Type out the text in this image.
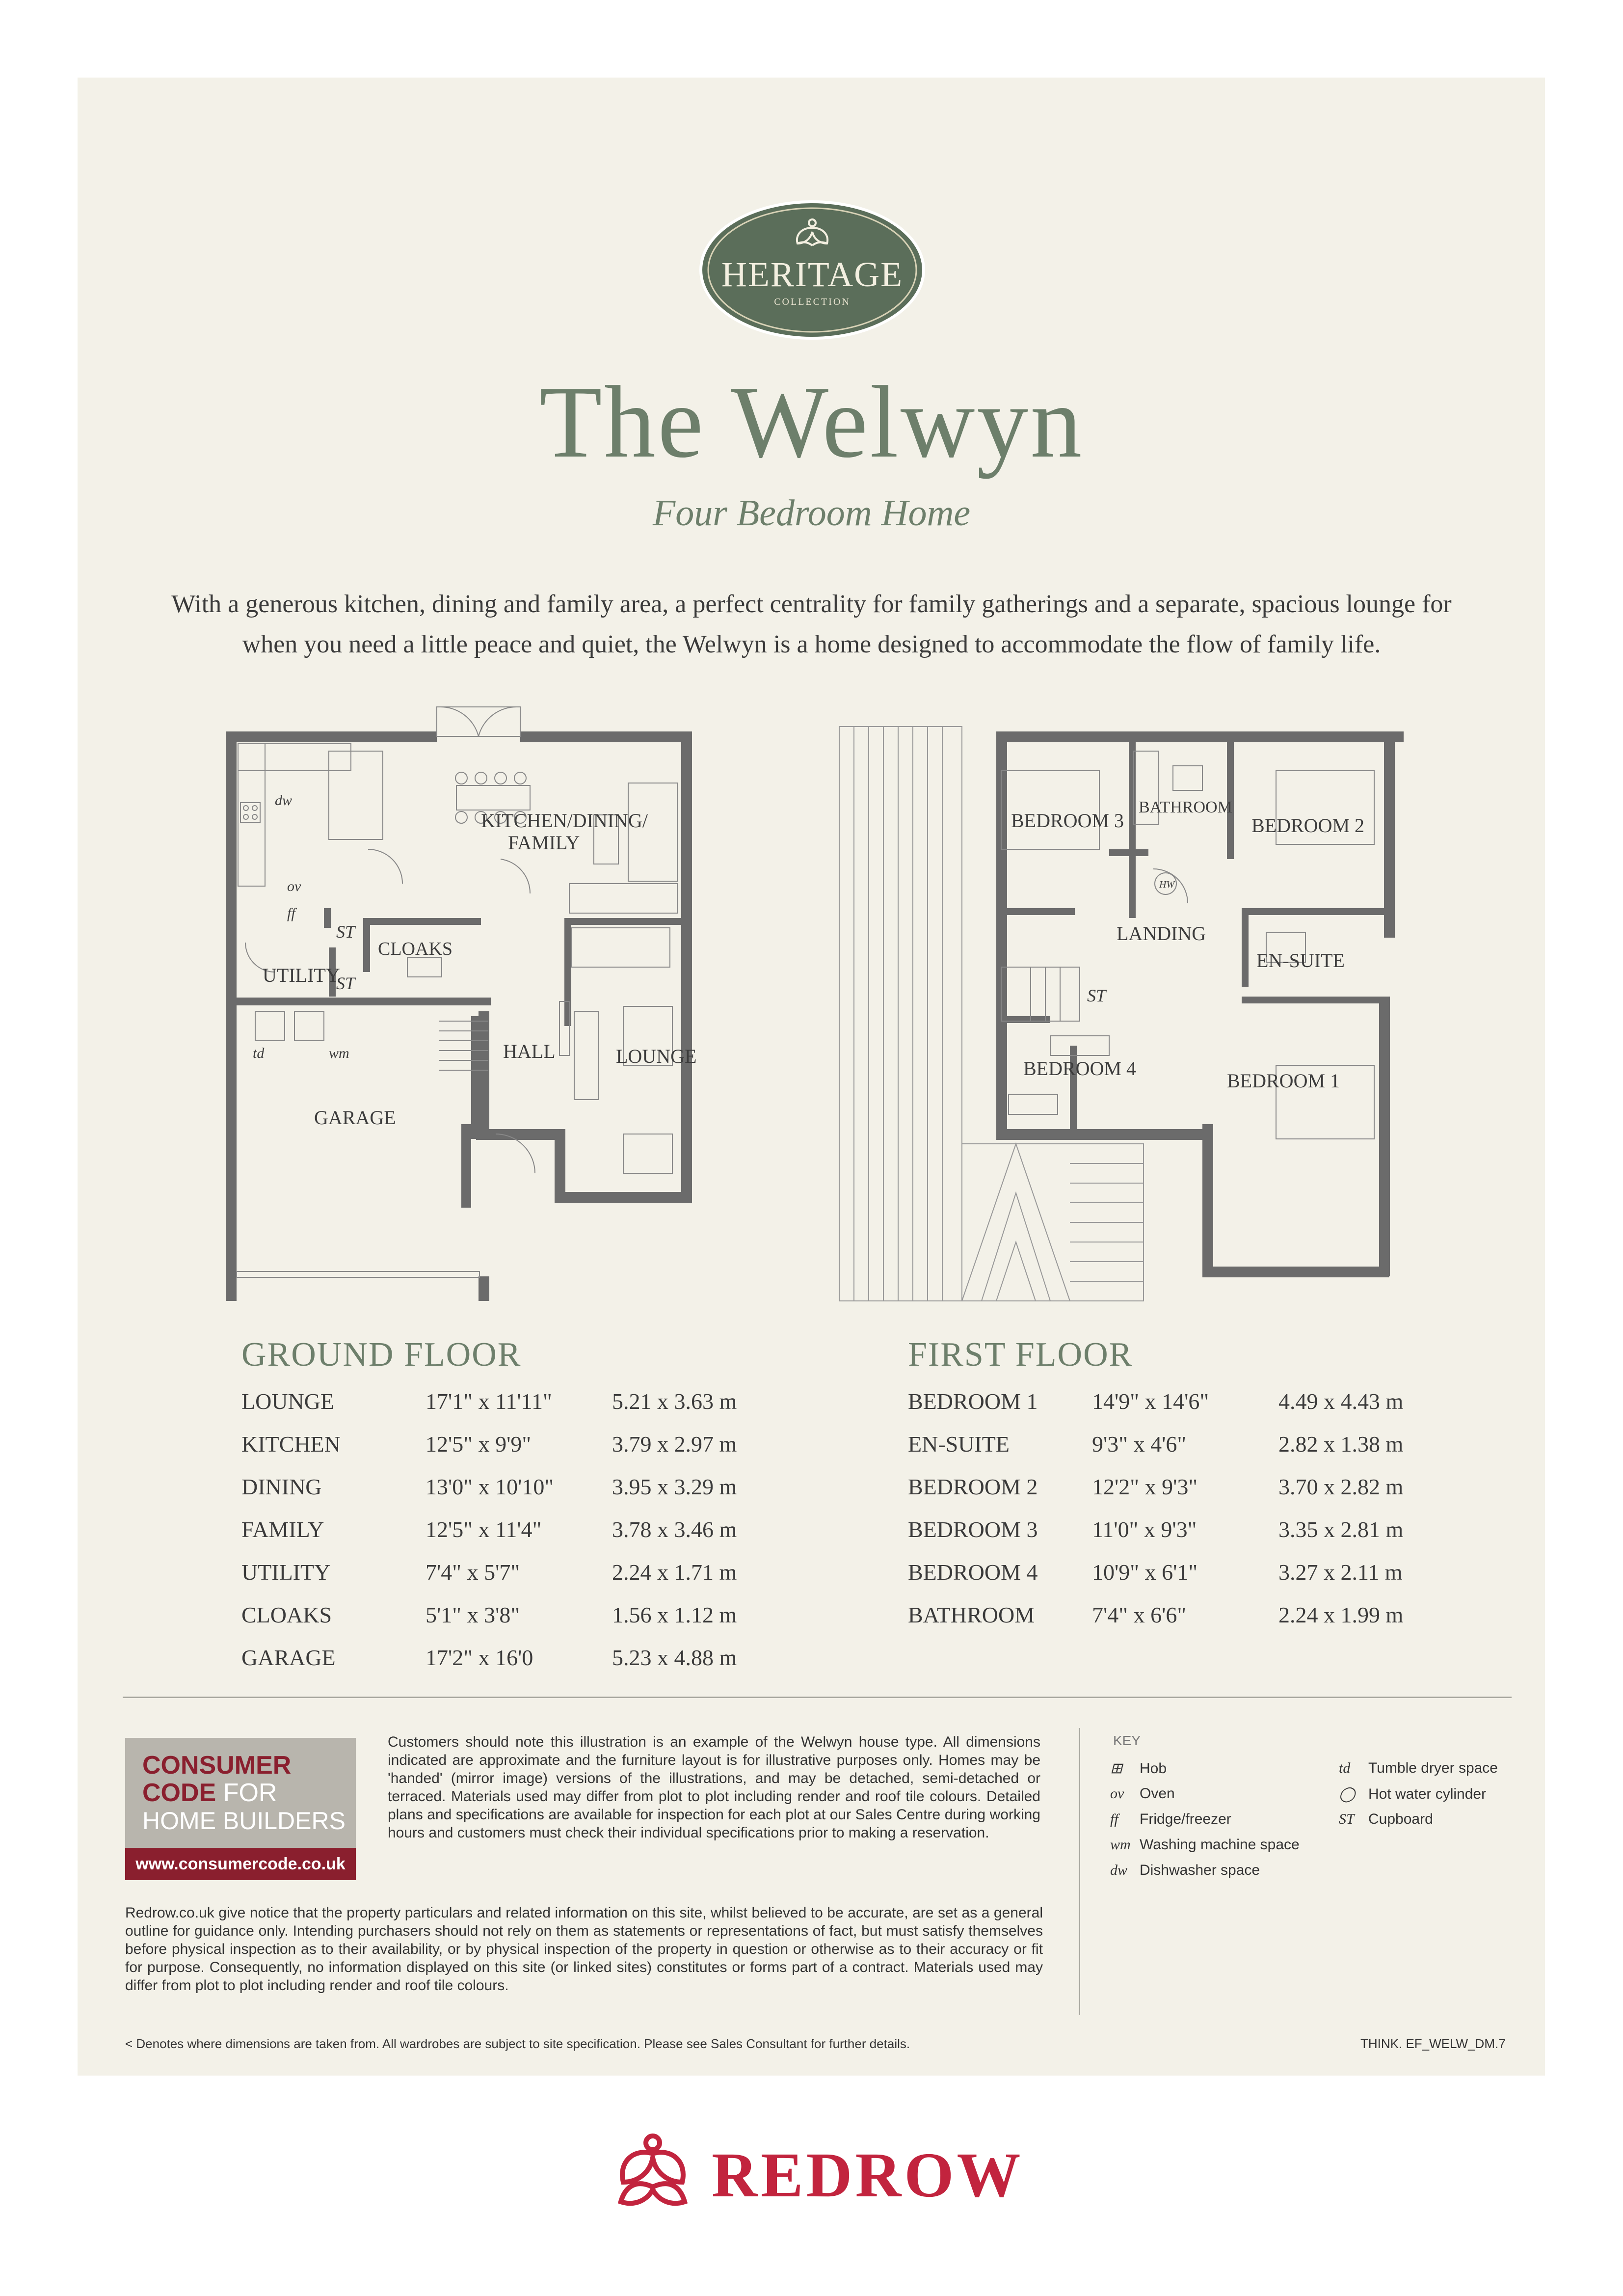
HERITAGE
COLLECTION
The Welwyn
Four Bedroom Home
With a generous kitchen, dining and family area, a perfect centrality for family gatherings and a separate, spacious lounge for when you need a little peace and quiet, the Welwyn is a home designed to accommodate the flow of family life.
KITCHEN/DINING/
FAMILY
UTILITY
CLOAKS
ST
ST
HALL	LOUNGE
GARAGE
dw
ov
ff
td	wm
BEDROOM 3
BATHROOM
BEDROOM 2
LANDING
EN-SUITE
ST
BEDROOM 4
BEDROOM 1
HW
GROUND FLOOR	FIRST FLOOR
LOUNGE	17'1" x 11'11"	5.21 x 3.63 m
KITCHEN	12'5" x 9'9"	3.79 x 2.97 m
DINING	13'0" x 10'10"	3.95 x 3.29 m
FAMILY	12'5" x 11'4"	3.78 x 3.46 m
UTILITY	7'4" x 5'7"	2.24 x 1.71 m
CLOAKS	5'1" x 3'8"	1.56 x 1.12 m
GARAGE	17'2" x 16'0	5.23 x 4.88 m
BEDROOM 1 14'9" x 14'6"	4.49 x 4.43 m
EN-SUITE	9'3" x 4'6"	2.82 x 1.38 m
BEDROOM 2 12'2" x 9'3"	3.70 x 2.82 m
BEDROOM 3 11'0" x 9'3"	3.35 x 2.81 m
BEDROOM 4 10'9" x 6'1"	3.27 x 2.11 m
BATHROOM	7'4" x 6'6"	2.24 x 1.99 m
CONSUMER
CODE FOR
HOME BUILDERS
www.consumercode.co.uk
Customers should note this illustration is an example of the Welwyn house type. All dimensions indicated are approximate and the furniture layout is for illustrative purposes only. Homes may be 'handed' (mirror image) versions of the illustrations, and may be detached, semi-detached or terraced. Materials used may differ from plot to plot including render and roof tile colours. Detailed plans and specifications are available for inspection for each plot at our Sales Centre during working hours and customers must check their individual specifications prior to making a reservation.
Redrow.co.uk give notice that the property particulars and related information on this site, whilst believed to be accurate, are set as a general outline for guidance only. Intending purchasers should not rely on them as statements or representations of fact, but must satisfy themselves before physical inspection as to their availability, or by physical inspection of the property in question or otherwise as to their accuracy or fit for purpose. Consequently, no information displayed on this site (or linked sites) constitutes or forms part of a contract. Materials used may differ from plot to plot including render and roof tile colours.
KEY
⊞ Hob
ov Oven
ff Fridge/freezer
wm Washing machine space
dw Dishwasher space
td Tumble dryer space
◯ Hot water cylinder
ST Cupboard
< Denotes where dimensions are taken from. All wardrobes are subject to site specification. Please see Sales Consultant for further details.	THINK. EF_WELW_DM.7
REDROW
